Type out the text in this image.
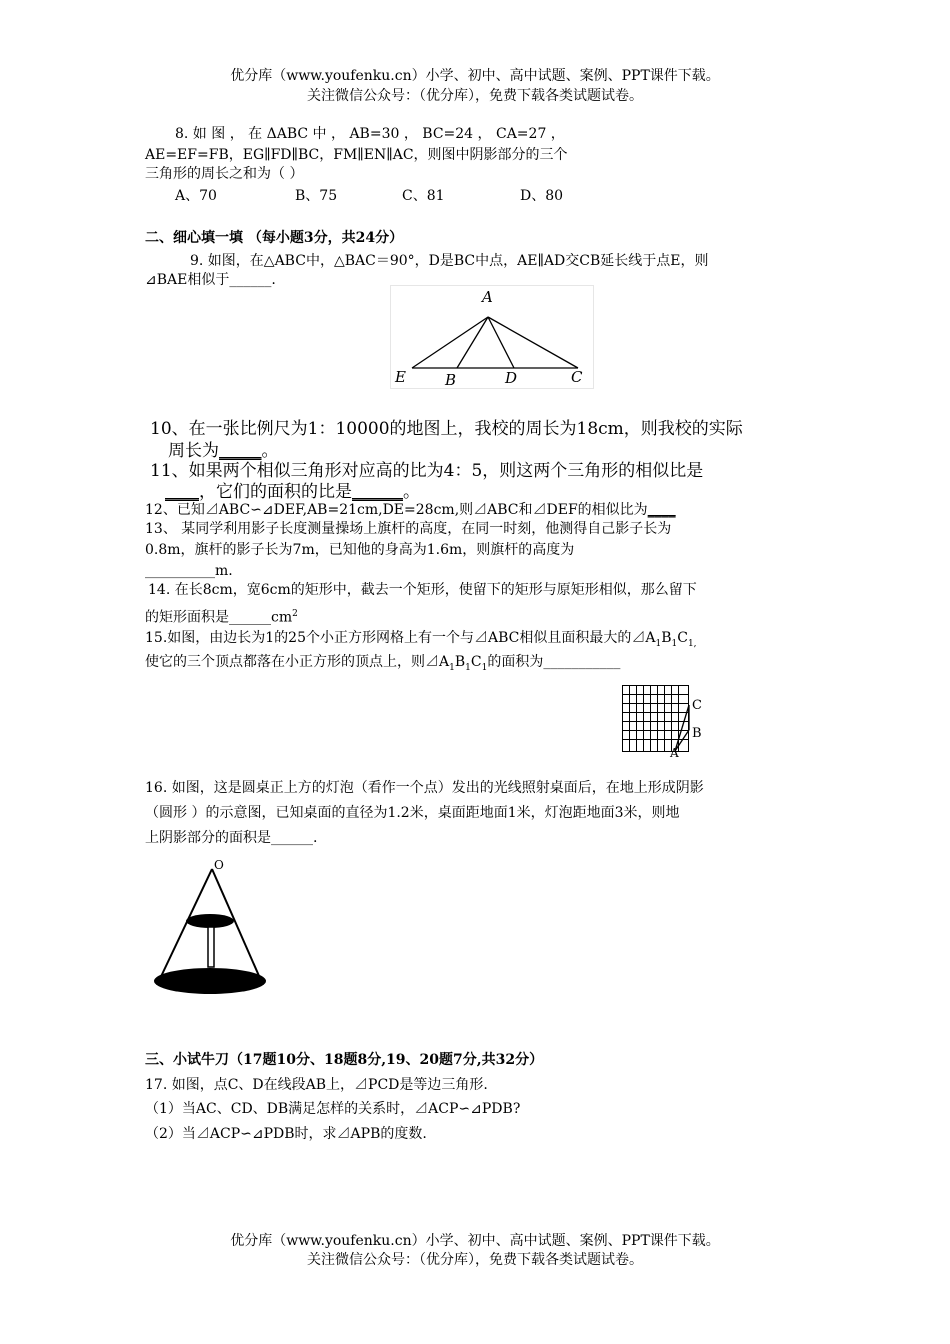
优分库（www.youfenku.cn）小学、初中、高中试题、案例、PPT课件下载。
关注微信公众号：（优分库），免费下载各类试题试卷。
8. 如 图 ， 在 ΔABC 中 ， AB=30 ， BC=24 ， CA=27 ，
AE=EF=FB，EG∥FD∥BC，FM∥EN∥AC，则图中阴影部分的三个
三角形的周长之和为（ ）
A、70	B、75	C、81	D、80
二、细心填一填 （每小题3分，共24分）
9. 如图，在△ABC中，△BAC＝90°，D是BC中点，AE∥AD交CB延长线于点E，则
⊿BAE相似于______.
A
E	B	D	C
10、在一张比例尺为1：10000的地图上，我校的周长为18cm，则我校的实际
周长为_____。
11、如果两个相似三角形对应高的比为4：5，则这两个三角形的相似比是
____，它们的面积的比是______。
12、已知⊿ABC∽⊿DEF,AB=21cm,DE=28cm,则⊿ABC和⊿DEF的相似比为____
13、 某同学利用影子长度测量操场上旗杆的高度，在同一时刻，他测得自己影子长为
0.8m，旗杆的影子长为7m，已知他的身高为1.6m，则旗杆的高度为
__________m.
14. 在长8cm，宽6cm的矩形中，截去一个矩形，使留下的矩形与原矩形相似，那么留下
的矩形面积是$\_\_\_\_\_\_cm^2$
15.如图，由边长为1的25个小正方形网格上有一个与⊿ABC相似且面积最大的$⊿A_1B_1C_{1,}$
使它的三个顶点都落在小正方形的顶点上，则$⊿A_1B_1C_1$的面积为___________
C
B
A
16. 如图，这是圆桌正上方的灯泡（看作一个点）发出的光线照射桌面后，在地上形成阴影
（圆形 ）的示意图，已知桌面的直径为1.2米，桌面距地面1米，灯泡距地面3米，则地
上阴影部分的面积是______.
O
三、小试牛刀（17题10分、18题8分,19、20题7分,共32分）
17. 如图，点C、D在线段AB上，⊿PCD是等边三角形.
（1）当AC、CD、DB满足怎样的关系时，⊿ACP∽⊿PDB?
（2）当⊿ACP∽⊿PDB时，求⊿APB的度数.
优分库（www.youfenku.cn）小学、初中、高中试题、案例、PPT课件下载。
关注微信公众号：（优分库），免费下载各类试题试卷。
